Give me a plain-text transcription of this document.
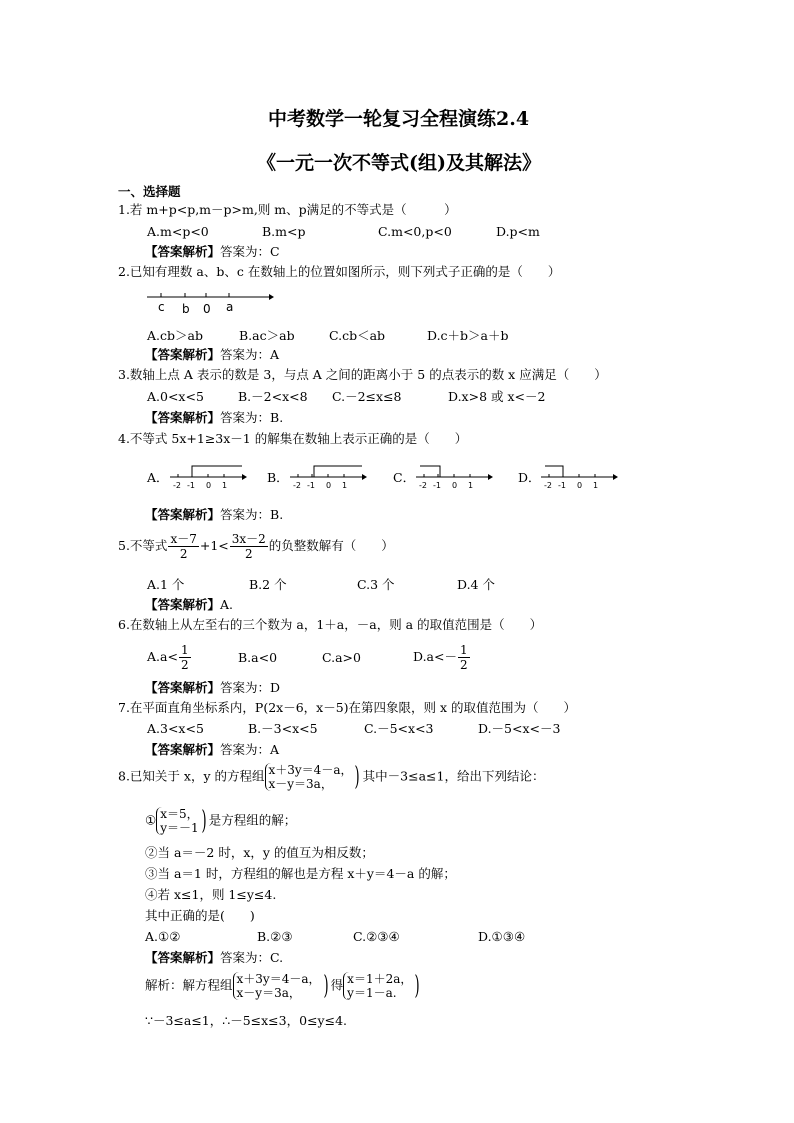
中考数学一轮复习全程演练2.4
《一元一次不等式(组)及其解法》
一、选择题
1.若 m+p<p,m－p>m,则 m、p满足的不等式是（　　　）
A.m<p<0	B.m<p	C.m<0,p<0	D.p<m
【答案解析】答案为：C
2.已知有理数 a、b、c 在数轴上的位置如图所示，则下列式子正确的是（　　）
c b 0 a
A.cb＞ab	B.ac＞ab	C.cb＜ab	D.c＋b＞a＋b
【答案解析】答案为：A
3.数轴上点 A 表示的数是 3，与点 A 之间的距离小于 5 的点表示的数 x 应满足（　　）
A.0<x<5	B.－2<x<8 C.－2≤x≤8	D.x>8 或 x<－2
【答案解析】答案为：B.
4.不等式 5x+1≥3x－1 的解集在数轴上表示正确的是（　　）
A．
-2 -1 0 1
B．
-2 -1 0 1
C．
-2 -1 0 1
D．
-2 -1 0 1
【答案解析】答案为：B.
5.不等式 $\frac{x-7}{2} +1< \frac{3x-2}{2}$ 的负整数解有（　　）
A.1 个	B.2 个	C.3 个	D.4 个
【答案解析】A.
6.在数轴上从左至右的三个数为 a，1＋a，－a，则 a 的取值范围是（　　）
$A.a< \frac{1}{2}$	B.a<0	C.a>0	$D.a<- \frac{1}{2}$
【答案解析】答案为：D
7.在平面直角坐标系内，P(2x－6，x－5)在第四象限，则 x 的取值范围为（　　）
A.3<x<5	B.－3<x<5	C.－5<x<3	D.－5<x<－3
【答案解析】答案为：A
8.已知关于 x，y 的方程组 x＋3y＝4－a，
x－y＝3a， ) 其中－3≤a≤1，给出下列结论：
① x＝5，
y＝－1 ) 是方程组的解；
②当 a＝－2 时，x，y 的值互为相反数；
③当 a＝1 时，方程组的解也是方程 x＋y＝4－a 的解；
④若 x≤1，则 1≤y≤4.
其中正确的是(　　)
A.①②	B.②③	C.②③④	D.①③④
【答案解析】答案为：C.
解析：解方程组 x＋3y＝4－a，
x－y＝3a， ) 得 x＝1＋2a，
y＝1－a. )
∵－3≤a≤1，∴－5≤x≤3，0≤y≤4.
